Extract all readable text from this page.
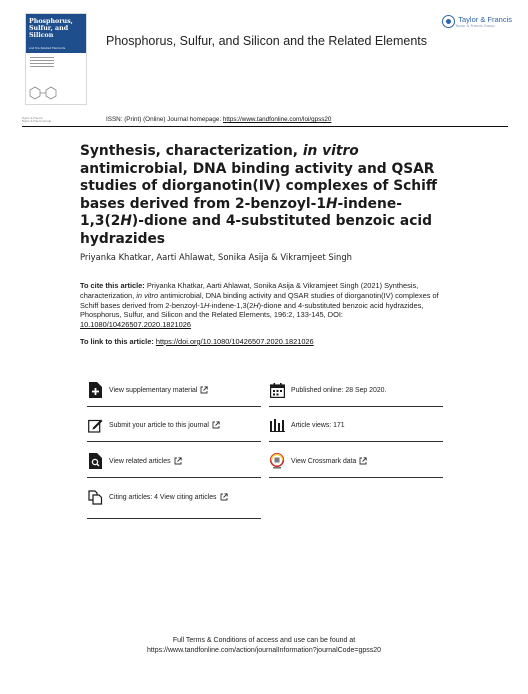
Phosphorus,
Sulfur, and
Silicon
and the Related Elements
Taylor & Francis
Taylor & Francis Group
Phosphorus, Sulfur, and Silicon and the Related Elements
Taylor & Francis
Taylor & Francis Group	ISSN: (Print) (Online) Journal homepage: https://www.tandfonline.com/loi/gpss20
Synthesis, characterization, in vitro antimicrobial, DNA binding activity and QSAR studies of diorganotin(IV) complexes of Schiff bases derived from 2-benzoyl-1H-indene-1,3(2H)-dione and 4-substituted benzoic acid hydrazides
Priyanka Khatkar, Aarti Ahlawat, Sonika Asija & Vikramjeet Singh
To cite this article: Priyanka Khatkar, Aarti Ahlawat, Sonika Asija & Vikramjeet Singh (2021) Synthesis, characterization, in vitro antimicrobial, DNA binding activity and QSAR studies of diorganotin(IV) complexes of Schiff bases derived from 2-benzoyl-1H-indene-1,3(2H)-dione and 4-substituted benzoic acid hydrazides, Phosphorus, Sulfur, and Silicon and the Related Elements, 196:2, 133-145, DOI: 10.1080/10426507.2020.1821026
To link to this article: https://doi.org/10.1080/10426507.2020.1821026
View supplementary material	Published online: 28 Sep 2020.
Submit your article to this journal	Article views: 171
View related articles	View Crossmark data
Citing articles: 4 View citing articles
Full Terms & Conditions of access and use can be found at
https://www.tandfonline.com/action/journalInformation?journalCode=gpss20
